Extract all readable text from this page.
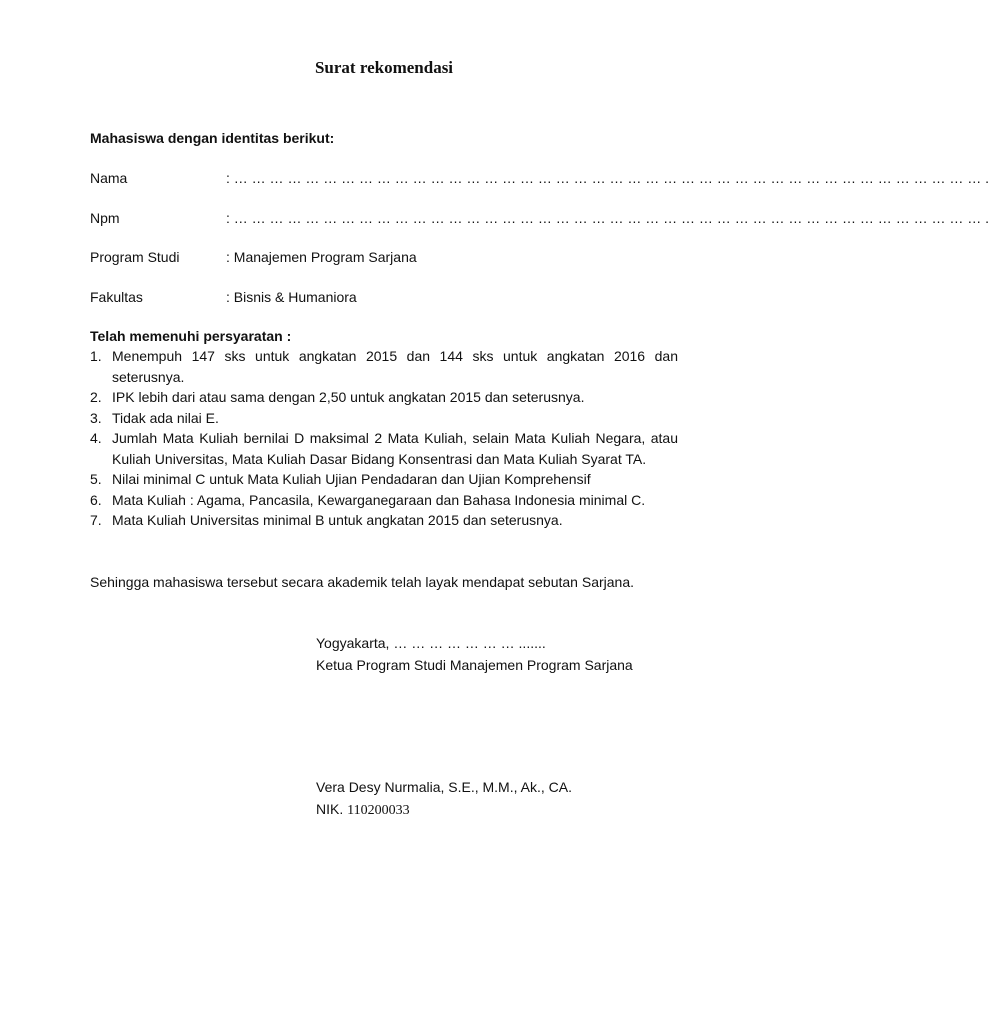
Surat rekomendasi
Mahasiswa dengan identitas berikut:
Nama	: … … … … … … … … … … … … … … … … … … … … … … … … … … … … … … … … … … … … … … … … … … .
Npm	: … … … … … … … … … … … … … … … … … … … … … … … … … … … … … … … … … … … … … … … … … … .
Program Studi	: Manajemen Program Sarjana
Fakultas	: Bisnis & Humaniora
Telah memenuhi persyaratan :
1. Menempuh 147 sks untuk angkatan 2015 dan 144 sks untuk angkatan 2016 dan seterusnya.
2. IPK lebih dari atau sama dengan 2,50 untuk angkatan 2015 dan seterusnya.
3. Tidak ada nilai E.
4. Jumlah Mata Kuliah bernilai D maksimal 2 Mata Kuliah, selain Mata Kuliah Negara, atau Kuliah Universitas, Mata Kuliah Dasar Bidang Konsentrasi dan Mata Kuliah Syarat TA.
5. Nilai minimal C untuk Mata Kuliah Ujian Pendadaran dan Ujian Komprehensif
6. Mata Kuliah : Agama, Pancasila, Kewarganegaraan dan Bahasa Indonesia minimal C.
7. Mata Kuliah Universitas minimal B untuk angkatan 2015 dan seterusnya.
Sehingga mahasiswa tersebut secara akademik telah layak mendapat sebutan Sarjana.
Yogyakarta, … … … … … … … .......
Ketua Program Studi Manajemen Program Sarjana
Vera Desy Nurmalia, S.E., M.M., Ak., CA.
NIK. 110200033
